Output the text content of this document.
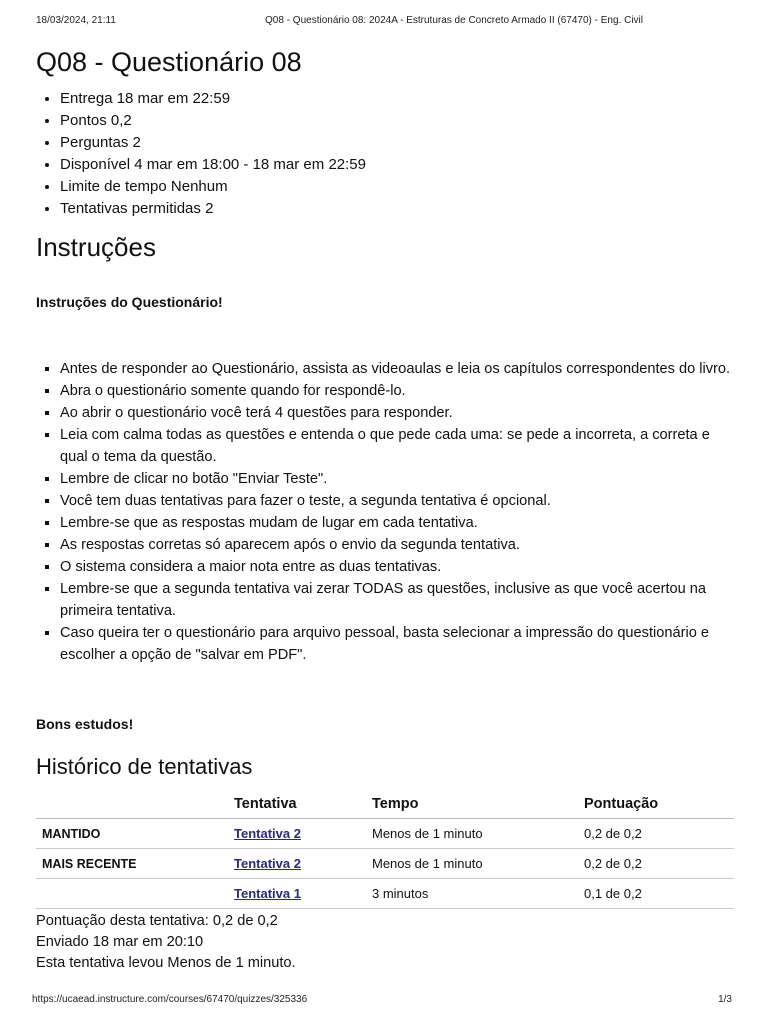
18/03/2024, 21:11	Q08 - Questionário 08: 2024A - Estruturas de Concreto Armado II (67470) - Eng. Civil
Q08 - Questionário 08
• Entrega 18 mar em 22:59
• Pontos 0,2
• Perguntas 2
• Disponível 4 mar em 18:00 - 18 mar em 22:59
• Limite de tempo Nenhum
• Tentativas permitidas 2
Instruções
Instruções do Questionário!
▪ Antes de responder ao Questionário, assista as videoaulas e leia os capítulos correspondentes do livro.
▪ Abra o questionário somente quando for respondê-lo.
▪ Ao abrir o questionário você terá 4 questões para responder.
▪ Leia com calma todas as questões e entenda o que pede cada uma: se pede a incorreta, a correta e qual o tema da questão.
▪ Lembre de clicar no botão "Enviar Teste".
▪ Você tem duas tentativas para fazer o teste, a segunda tentativa é opcional.
▪ Lembre-se que as respostas mudam de lugar em cada tentativa.
▪ As respostas corretas só aparecem após o envio da segunda tentativa.
▪ O sistema considera a maior nota entre as duas tentativas.
▪ Lembre-se que a segunda tentativa vai zerar TODAS as questões, inclusive as que você acertou na primeira tentativa.
▪ Caso queira ter o questionário para arquivo pessoal, basta selecionar a impressão do questionário e escolher a opção de "salvar em PDF".
Bons estudos!
Histórico de tentativas
	Tentativa	Tempo	Pontuação
MANTIDO	Tentativa 2	Menos de 1 minuto	0,2 de 0,2
MAIS RECENTE	Tentativa 2	Menos de 1 minuto	0,2 de 0,2
	Tentativa 1	3 minutos	0,1 de 0,2
Pontuação desta tentativa: 0,2 de 0,2
Enviado 18 mar em 20:10
Esta tentativa levou Menos de 1 minuto.
https://ucaead.instructure.com/courses/67470/quizzes/325336	1/3
